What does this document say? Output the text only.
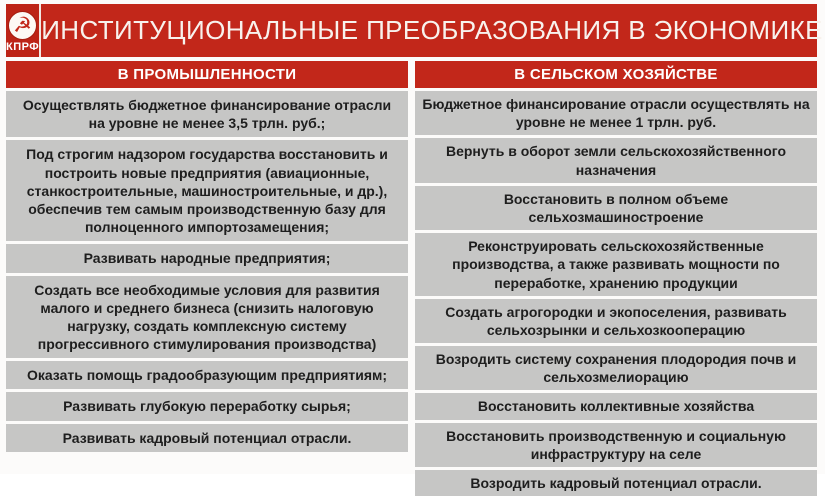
☭
КПРФ
ИНСТИТУЦИОНАЛЬНЫЕ ПРЕОБРАЗОВАНИЯ В ЭКОНОМИКЕ
В ПРОМЫШЛЕННОСТИ
Осуществлять бюджетное финансирование отрасли на уровне не менее 3,5 трлн. руб.;
Под строгим надзором государства восстановить и построить новые предприятия (авиационные, станкостроительные, машиностроительные, и др.), обеспечив тем самым производственную базу для полноценного импортозамещения;
Развивать народные предприятия;
Создать все необходимые условия для развития малого и среднего бизнеса (снизить налоговую нагрузку, создать комплексную систему прогрессивного стимулирования производства)
Оказать помощь градообразующим предприятиям;
Развивать глубокую переработку сырья;
Развивать кадровый потенциал отрасли.
В СЕЛЬСКОМ ХОЗЯЙСТВЕ
Бюджетное финансирование отрасли осуществлять на уровне не менее 1 трлн. руб.
Вернуть в оборот земли сельскохозяйственного назначения
Восстановить в полном объеме сельхозмашиностроение
Реконструировать сельскохозяйственные производства, а также развивать мощности по переработке, хранению продукции
Создать агрогородки и экопоселения, развивать сельхозрынки и сельхозкооперацию
Возродить систему сохранения плодородия почв и сельхозмелиорацию
Восстановить коллективные хозяйства
Восстановить производственную и социальную инфраструктуру на селе
Возродить кадровый потенциал отрасли.
